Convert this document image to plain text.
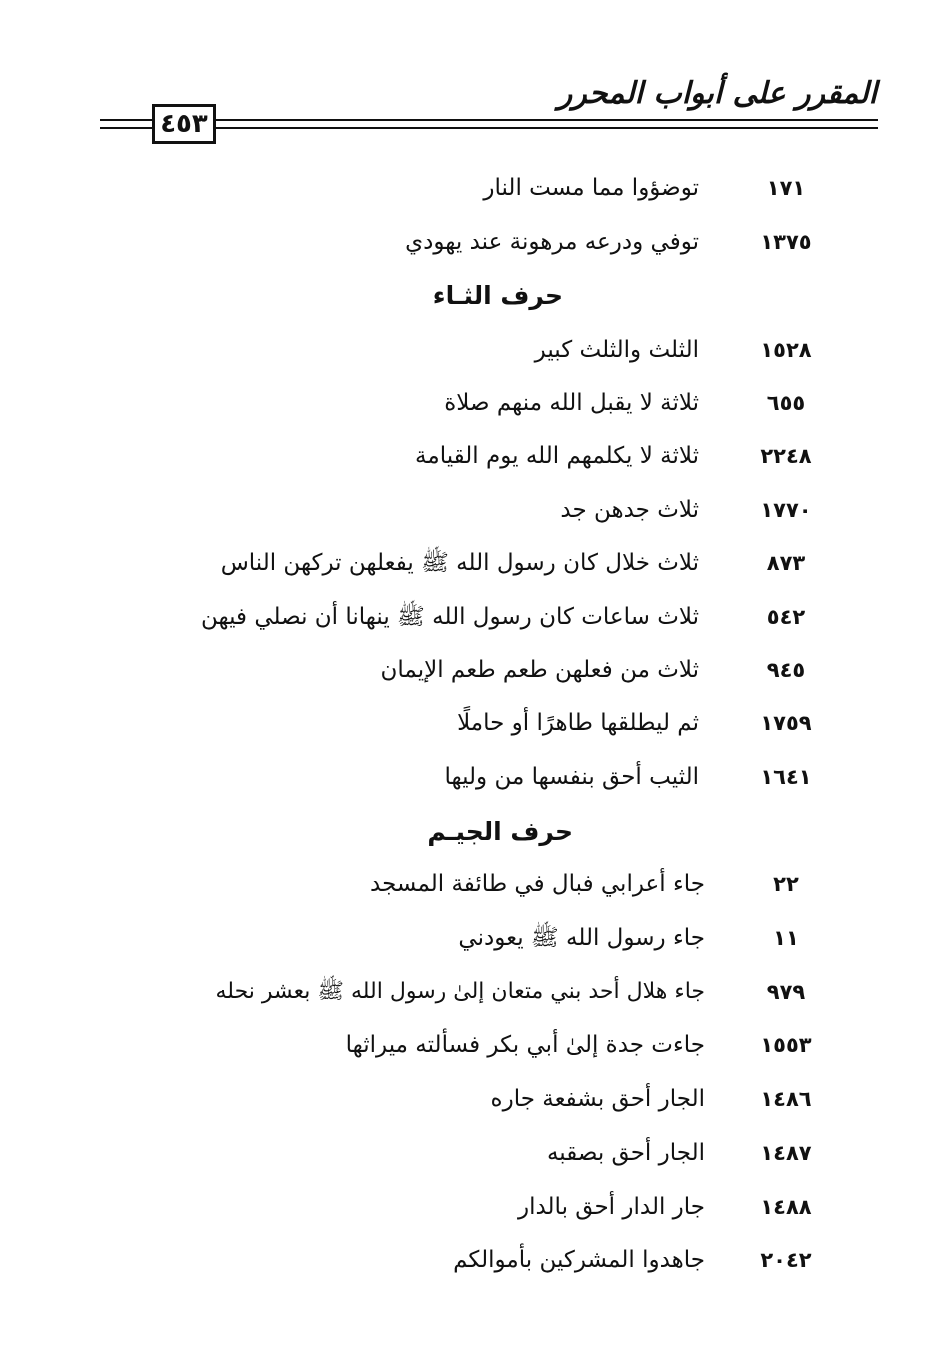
المقرر على أبواب المحرر
٤٥٣
١٧١
توضؤوا مما مست النار
١٣٧٥
توفي ودرعه مرهونة عند يهودي
حرف الثـاء
١٥٢٨
الثلث والثلث كبير
٦٥٥
ثلاثة لا يقبل الله منهم صلاة
٢٢٤٨
ثلاثة لا يكلمهم الله يوم القيامة
١٧٧٠
ثلاث جدهن جد
٨٧٣
ثلاث خلال كان رسول الله ﷺ يفعلهن تركهن الناس
٥٤٢
ثلاث ساعات كان رسول الله ﷺ ينهانا أن نصلي فيهن
٩٤٥
ثلاث من فعلهن طعم طعم الإيمان
١٧٥٩
ثم ليطلقها طاهرًا أو حاملًا
١٦٤١
الثيب أحق بنفسها من وليها
حرف الجيـم
٢٢
جاء أعرابي فبال في طائفة المسجد
١١
جاء رسول الله ﷺ يعودني
٩٧٩
جاء هلال أحد بني متعان إلىٰ رسول الله ﷺ بعشر نحله
١٥٥٣
جاءت جدة إلىٰ أبي بكر فسألته ميراثها
١٤٨٦
الجار أحق بشفعة جاره
١٤٨٧
الجار أحق بصقبه
١٤٨٨
جار الدار أحق بالدار
٢٠٤٢
جاهدوا المشركين بأموالكم
